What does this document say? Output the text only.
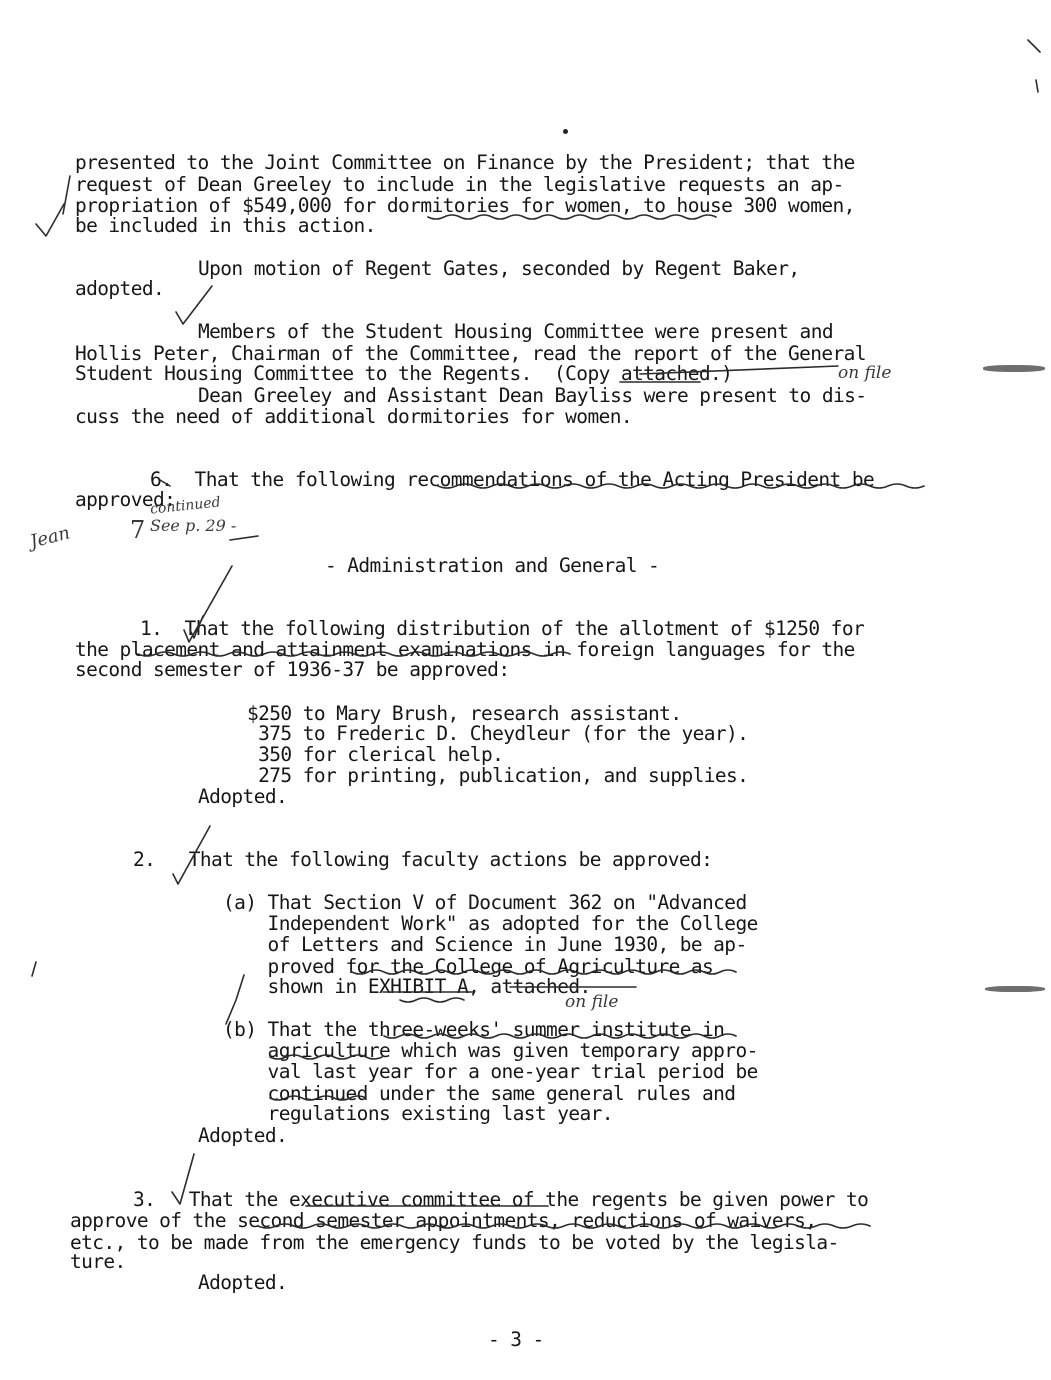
presented to the Joint Committee on Finance by the President; that the
request of Dean Greeley to include in the legislative requests an ap-
propriation of $549,000 for dormitories for women, to house 300 women,
be included in this action.
Upon motion of Regent Gates, seconded by Regent Baker,
adopted.
Members of the Student Housing Committee were present and
Hollis Peter, Chairman of the Committee, read the report of the General
Student Housing Committee to the Regents.  (Copy attached.)
Dean Greeley and Assistant Dean Bayliss were present to dis-
cuss the need of additional dormitories for women.
6.  That the following recommendations of the Acting President be
approved:
- Administration and General -
1.  That the following distribution of the allotment of $1250 for
the placement and attainment examinations in foreign languages for the
second semester of 1936-37 be approved:
$250 to Mary Brush, research assistant.
375 to Frederic D. Cheydleur (for the year).
350 for clerical help.
275 for printing, publication, and supplies.
Adopted.
2.   That the following faculty actions be approved:
(a) That Section V of Document 362 on "Advanced
Independent Work" as adopted for the College
of Letters and Science in June 1930, be ap-
proved for the College of Agriculture as
shown in EXHIBIT A, attached.
(b) That the three-weeks' summer institute in
agriculture which was given temporary appro-
val last year for a one-year trial period be
continued under the same general rules and
regulations existing last year.
Adopted.
3.   That the executive committee of the regents be given power to
approve of the second semester appointments, reductions of waivers,
etc., to be made from the emergency funds to be voted by the legisla-
ture.
Adopted.
- 3 -
on file
7
continued
See p. 29 -
Jean
on file
